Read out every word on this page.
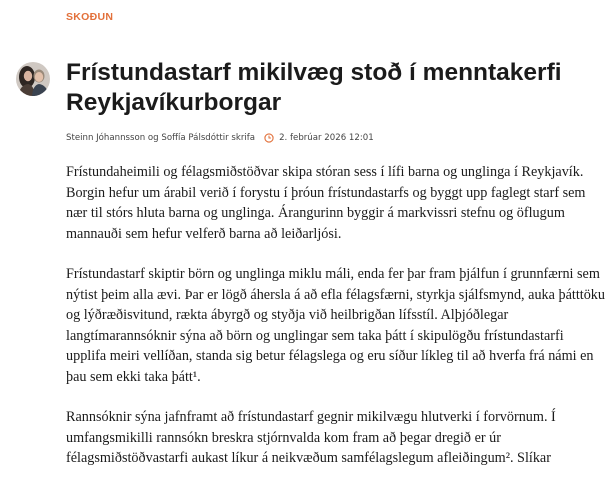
SKOÐUN
Frístundastarf mikilvæg stoð í menntakerfi Reykjavíkurborgar
Steinn Jóhannsson og Soffía Pálsdóttir skrifa	2. febrúar 2026 12:01

Frístundaheimili og félagsmiðstöðvar skipa stóran sess í lífi barna og unglinga í Reykjavík. Borgin hefur um árabil verið í forystu í þróun frístundastarfs og byggt upp faglegt starf sem nær til stórs hluta barna og unglinga. Árangurinn byggir á markvissri stefnu og öflugum mannauði sem hefur velferð barna að leiðarljósi.

Frístundastarf skiptir börn og unglinga miklu máli, enda fer þar fram þjálfun í grunnfærni sem nýtist þeim alla ævi. Þar er lögð áhersla á að efla félagsfærni, styrkja sjálfsmynd, auka þátttöku og lýðræðisvitund, rækta ábyrgð og styðja við heilbrigðan lífsstíl. Alþjóðlegar langtímarannsóknir sýna að börn og unglingar sem taka þátt í skipulögðu frístundastarfi upplifa meiri vellíðan, standa sig betur félagslega og eru síður líkleg til að hverfa frá námi en þau sem ekki taka þátt¹.

Rannsóknir sýna jafnframt að frístundastarf gegnir mikilvægu hlutverki í forvörnum. Í umfangsmikilli rannsókn breskra stjórnvalda kom fram að þegar dregið er úr félagsmiðstöðvastarfi aukast líkur á neikvæðum samfélagslegum afleiðingum². Slíkar
